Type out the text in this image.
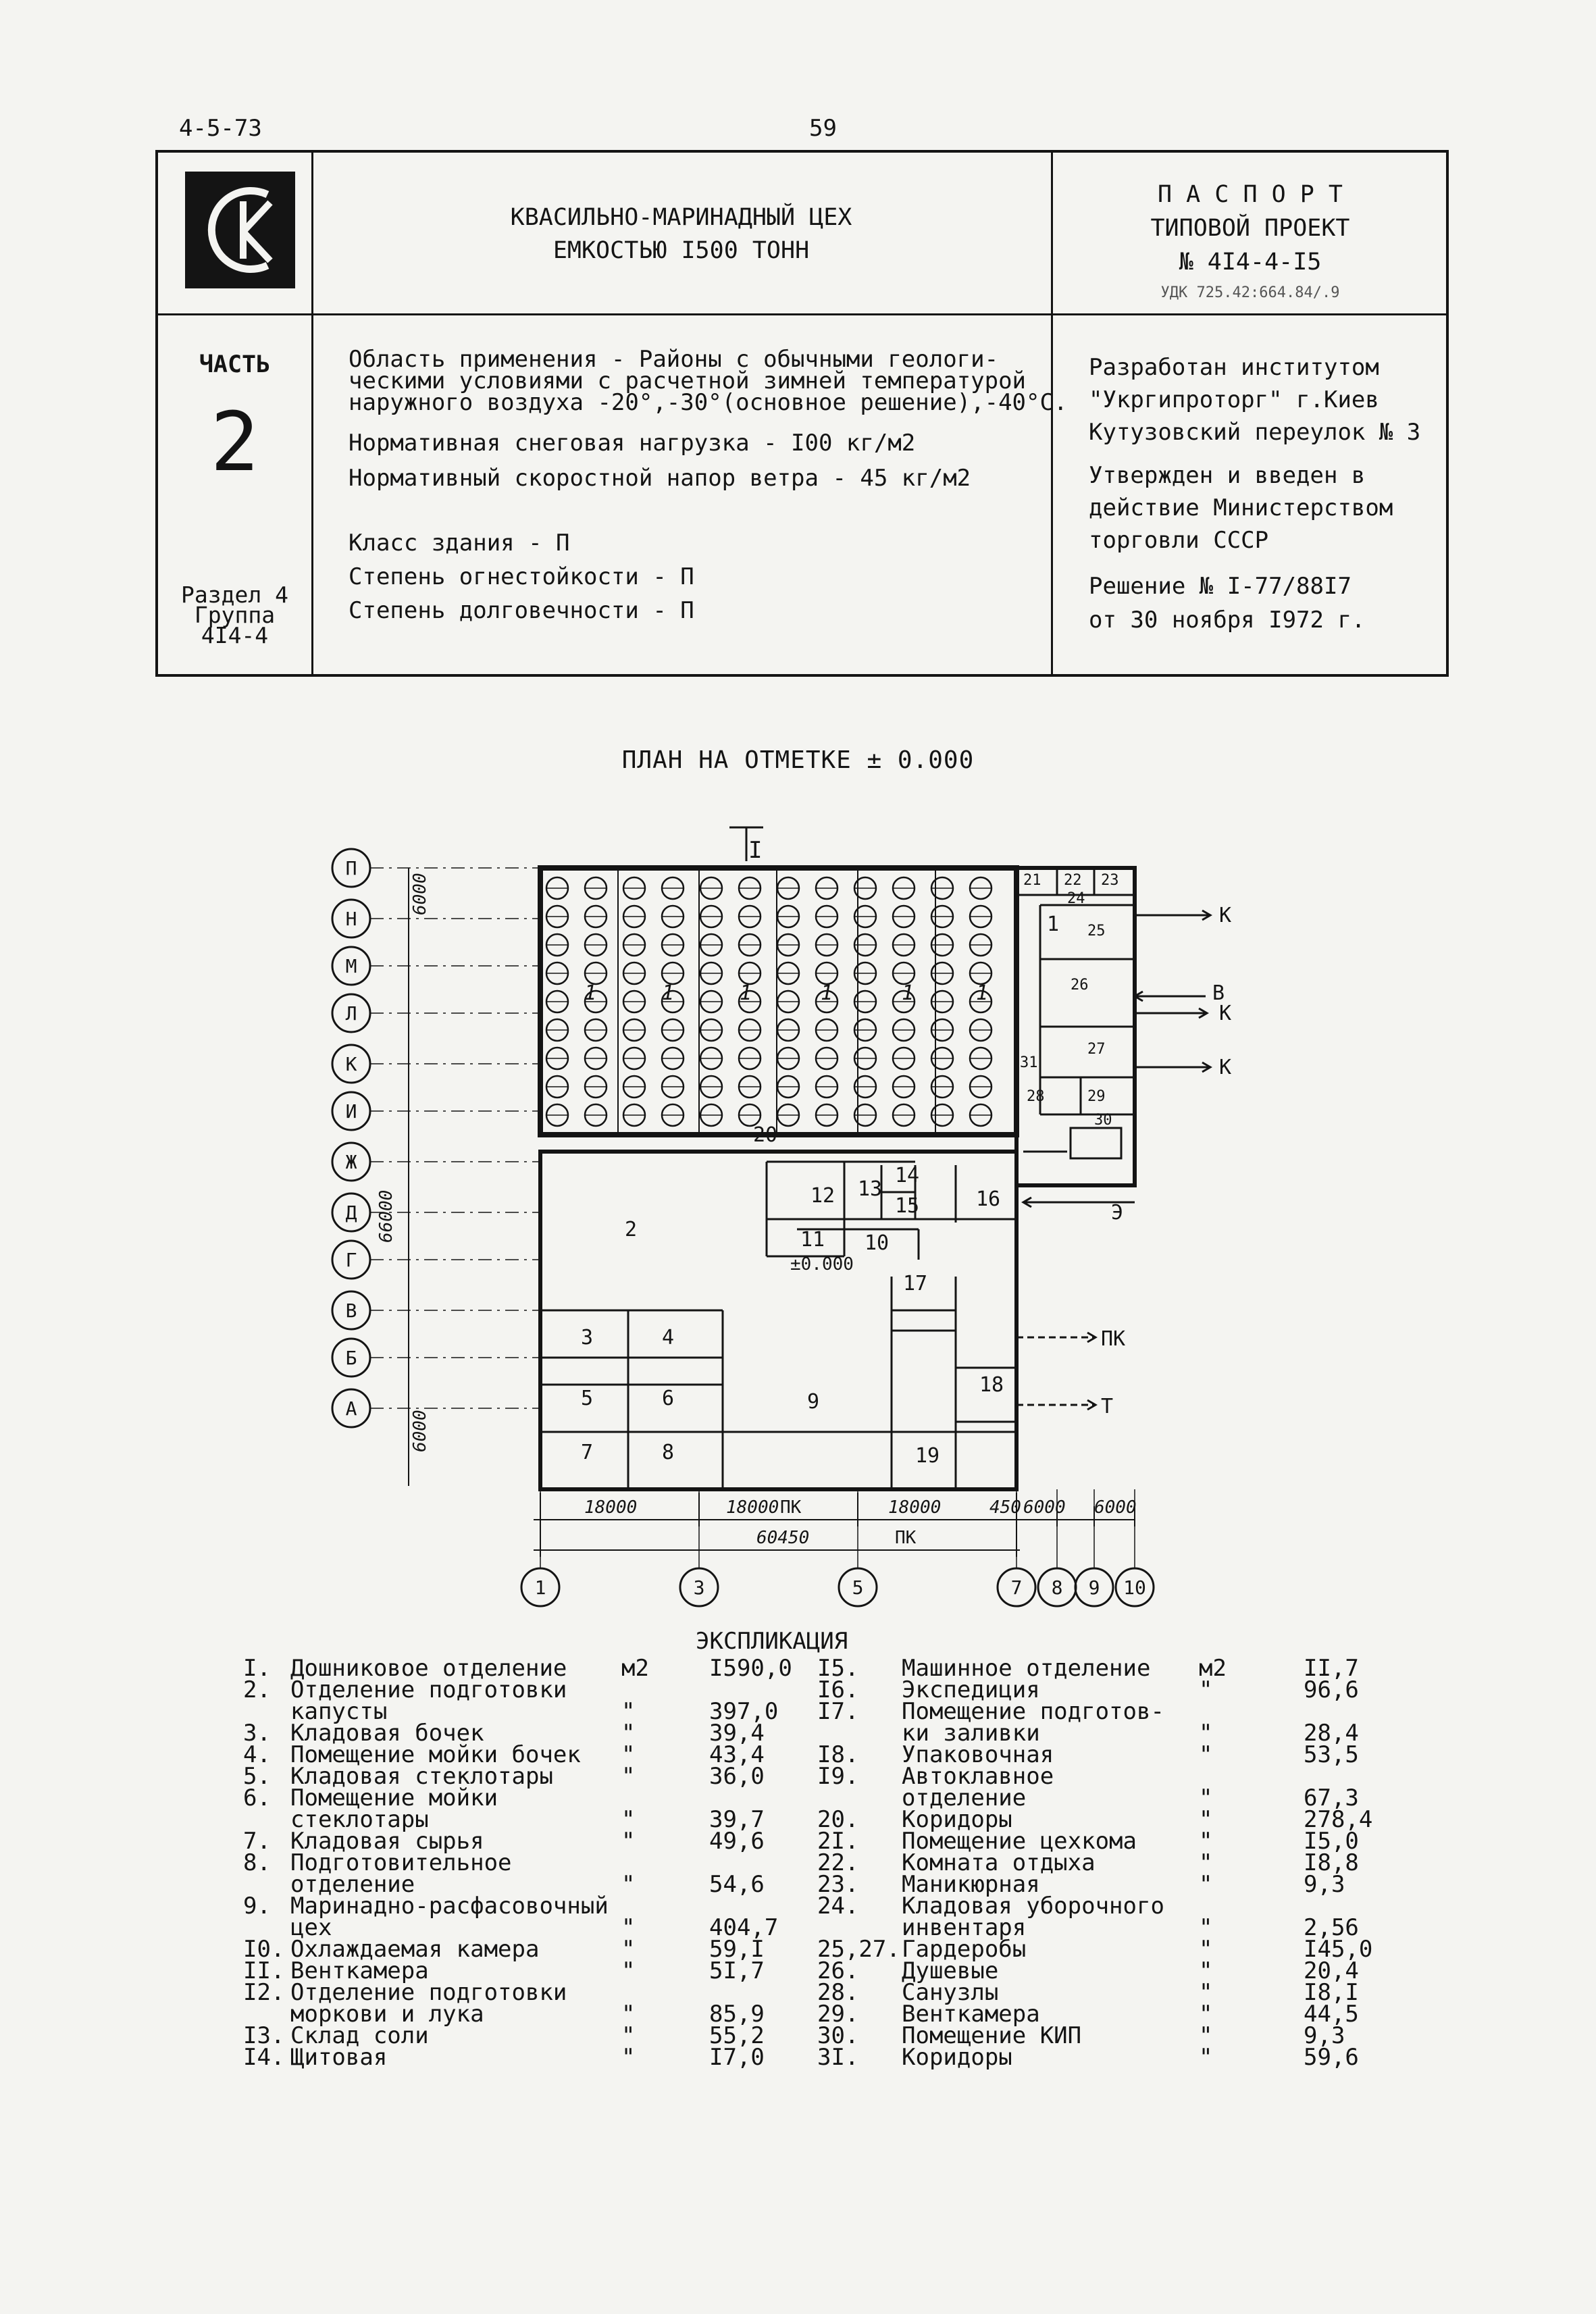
4-5-73	59
КВАСИЛЬНО-МАРИНАДНЫЙ ЦЕХ
ЕМКОСТЬЮ I500 ТОНН
П А С П О Р Т
ТИПОВОЙ ПРОЕКТ
№ 4I4-4-I5
УДК 725.42:664.84/.9
ЧАСТЬ
2
Раздел 4
Группа
4I4-4
Область применения - Районы с обычными геологи-
ческими условиями с расчетной зимней температурой
наружного воздуха -20°,-30°(основное решение),-40°С.
Нормативная снеговая нагрузка - I00 кг/м2
Нормативный скоростной напор ветра - 45 кг/м2
Класс здания - П
Степень огнестойкости - П
Степень долговечности - П
Разработан институтом
"Укргипроторг" г.Киев
Кутузовский переулок № 3
Утвержден и введен в
действие Министерством
торговли СССР
Решение № I-77/88I7
от 30 ноября I972 г.
ПЛАН НА ОТМЕТКЕ ± 0.000
I
П
Н
М
Л
К
И
Ж
Д
Г
В
Б
А
1	3	5	7 8 9 10
1	1	1	1	1	1
1
2
3	4
5	6
7	8
9
10
11
12 13
14
15	16
17
18
19
20
21 22 23
24
25
26
27
28	29
30
31
К
В
К
К
Э
ПК
Т
±0.000
18000	18000	18000	450 6000 6000
60450
ПК
ПК
6000
66000
6000
ЭКСПЛИКАЦИЯ
I. Дошниковое отделение м2	I590,0
2. Отделение подготовки
капусты	"	397,0
3. Кладовая бочек	"	39,4
4. Помещение мойки бочек "	43,4
5. Кладовая стеклотары	"	36,0
6. Помещение мойки
стеклотары	"	39,7
7. Кладовая сырья	"	49,6
8. Подготовительное
отделение	"	54,6
9. Маринадно-расфасовочный
цех	"	404,7
I0. Охлаждаемая камера	"	59,I
II. Венткамера	"	5I,7
I2. Отделение подготовки
моркови и лука	"	85,9
I3. Склад соли	"	55,2
I4. Щитовая	"	I7,0
I5. Машинное отделение м2	II,7
I6. Экспедиция	"	96,6
I7. Помещение подготов-
ки заливки	"	28,4
I8. Упаковочная	"	53,5
I9. Автоклавное
отделение	"	67,3
20. Коридоры	"	278,4
2I. Помещение цехкома	"	I5,0
22. Комната отдыха	"	I8,8
23. Маникюрная	"	9,3
24. Кладовая уборочного
инвентаря	"	2,56
25,27. Гардеробы	"	I45,0
26. Душевые	"	20,4
28. Санузлы	"	I8,I
29. Венткамера	"	44,5
30. Помещение КИП	"	9,3
3I. Коридоры	"	59,6
